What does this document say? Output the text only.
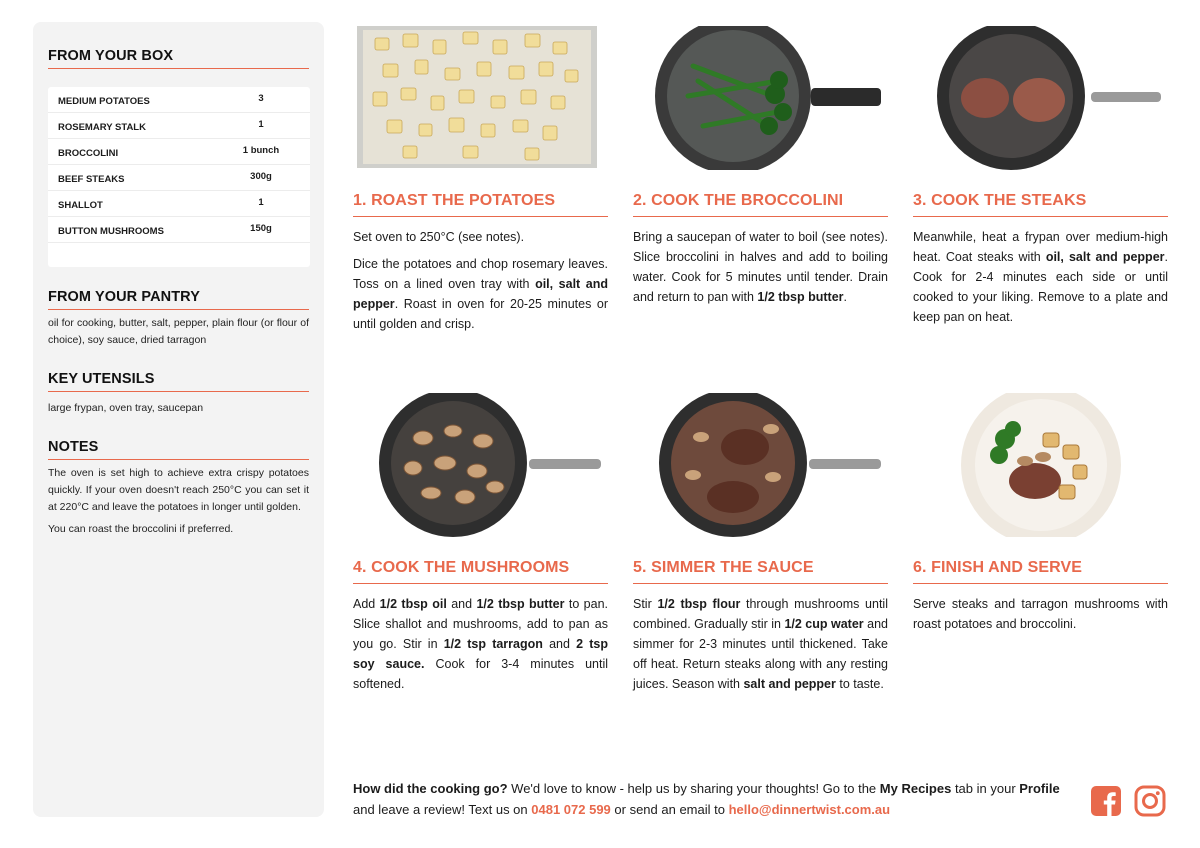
FROM YOUR BOX
MEDIUM POTATOES	3
ROSEMARY STALK	1
BROCCOLINI	1 bunch
BEEF STEAKS	300g
SHALLOT	1
BUTTON MUSHROOMS	150g
FROM YOUR PANTRY

oil for cooking, butter, salt, pepper, plain flour (or flour of choice), soy sauce, dried tarragon

KEY UTENSILS

large frypan, oven tray, saucepan

NOTES

The oven is set high to achieve extra crispy potatoes quickly. If your oven doesn't reach 250°C you can set it at 220°C and leave the potatoes in longer until golden.

You can roast the broccolini if preferred.

1. ROAST THE POTATOES

Set oven to 250°C (see notes).

Dice the potatoes and chop rosemary leaves. Toss on a lined oven tray with oil, salt and pepper. Roast in oven for 20-25 minutes or until golden and crisp.

2. COOK THE BROCCOLINI

Bring a saucepan of water to boil (see notes). Slice broccolini in halves and add to boiling water. Cook for 5 minutes until tender. Drain and return to pan with 1/2 tbsp butter.

3. COOK THE STEAKS

Meanwhile, heat a frypan over medium-high heat. Coat steaks with oil, salt and pepper. Cook for 2-4 minutes each side or until cooked to your liking. Remove to a plate and keep pan on heat.

4. COOK THE MUSHROOMS

Add 1/2 tbsp oil and 1/2 tbsp butter to pan. Slice shallot and mushrooms, add to pan as you go. Stir in 1/2 tsp tarragon and 2 tsp soy sauce. Cook for 3-4 minutes until softened.

5. SIMMER THE SAUCE

Stir 1/2 tbsp flour through mushrooms until combined. Gradually stir in 1/2 cup water and simmer for 2-3 minutes until thickened. Take off heat. Return steaks along with any resting juices. Season with salt and pepper to taste.

6. FINISH AND SERVE

Serve steaks and tarragon mushrooms with roast potatoes and broccolini.

How did the cooking go? We'd love to know - help us by sharing your thoughts! Go to the My Recipes tab in your Profile and leave a review! Text us on 0481 072 599 or send an email to hello@dinnertwist.com.au
